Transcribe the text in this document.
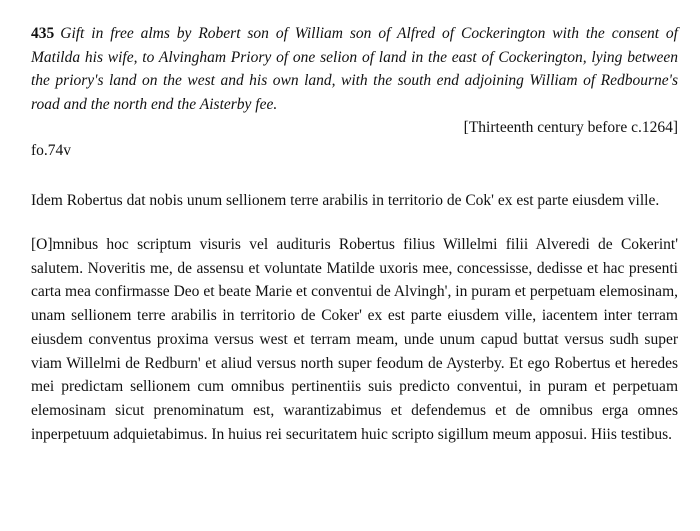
435 Gift in free alms by Robert son of William son of Alfred of Cockerington with the consent of Matilda his wife, to Alvingham Priory of one selion of land in the east of Cockerington, lying between the priory's land on the west and his own land, with the south end adjoining William of Redbourne's road and the north end the Aisterby fee.

[Thirteenth century before c.1264]

fo.74v

Idem Robertus dat nobis unum sellionem terre arabilis in territorio de Cok' ex est parte eiusdem ville.

[O]mnibus hoc scriptum visuris vel audituris Robertus filius Willelmi filii Alveredi de Cokerint' salutem. Noveritis me, de assensu et voluntate Matilde uxoris mee, concessisse, dedisse et hac presenti carta mea confirmasse Deo et beate Marie et conventui de Alvingh', in puram et perpetuam elemosinam, unam sellionem terre arabilis in territorio de Coker' ex est parte eiusdem ville, iacentem inter terram eiusdem conventus proxima versus west et terram meam, unde unum capud buttat versus sudh super viam Willelmi de Redburn' et aliud versus north super feodum de Aysterby. Et ego Robertus et heredes mei predictam sellionem cum omnibus pertinentiis suis predicto conventui, in puram et perpetuam elemosinam sicut prenominatum est, warantizabimus et defendemus et de omnibus erga omnes inperpetuum adquietabimus. In huius rei securitatem huic scripto sigillum meum apposui. Hiis testibus.
